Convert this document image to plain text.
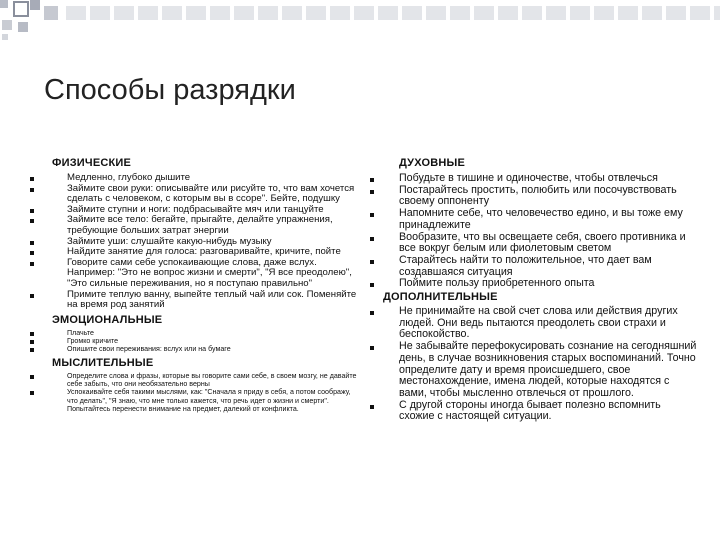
Способы разрядки
ФИЗИЧЕСКИЕ
Медленно, глубоко дышите
Займите свои руки: описывайте или рисуйте то, что вам хочется сделать с человеком, с которым вы в ссоре". Бейте, подушку
Займите ступни и ноги: подбрасывайте мяч или танцуйте
Займите все тело: бегайте, прыгайте, делайте упражнения, требующие больших затрат энергии
Займите уши: слушайте какую-нибудь музыку
Найдите занятие для голоса: разговаривайте, кричите, пойте
Говорите сами себе успокаивающие слова, даже вслух. Например: "Это не вопрос жизни и смерти", "Я все преодолею", "Это сильные переживания, но я поступаю правильно"
Примите теплую ванну, выпейте теплый чай или сок. Поменяйте на время род занятий
ЭМОЦИОНАЛЬНЫЕ
Плачьте
Громко кричите
Опишите свои переживания: вслух или на бумаге
МЫСЛИТЕЛЬНЫЕ
Определите слова и фразы, которые вы говорите сами себе, в своем мозгу, не давайте себе забыть, что они необязательно верны
Успокаивайте себя такими мыслями, как: "Сначала я приду в себя, а потом соображу, что делать", "Я знаю, что мне только кажется, что речь идет о жизни и смерти". Попытайтесь перенести внимание на предмет, далекий от конфликта.
ДУХОВНЫЕ
Побудьте в тишине и одиночестве, чтобы отвлечься
Постарайтесь простить, полюбить или посочувствовать своему оппоненту
Напомните себе, что человечество едино, и вы тоже ему принадлежите
Вообразите, что вы освещаете себя, своего противника и все вокруг белым или фиолетовым светом
Старайтесь найти то положительное, что дает вам создавшаяся ситуация
Поймите пользу приобретенного опыта
ДОПОЛНИТЕЛЬНЫЕ
Не принимайте на свой счет слова или действия других людей. Они ведь пытаются преодолеть свои страхи и беспокойство.
Не забывайте перефокусировать сознание на сегодняшний день, в случае возникновения старых воспоминаний. Точно определите дату и время происшедшего, свое местонахождение, имена людей, которые находятся с вами, чтобы мысленно отвлечься от прошлого.
С другой стороны иногда бывает полезно вспомнить схожие с настоящей ситуации.
